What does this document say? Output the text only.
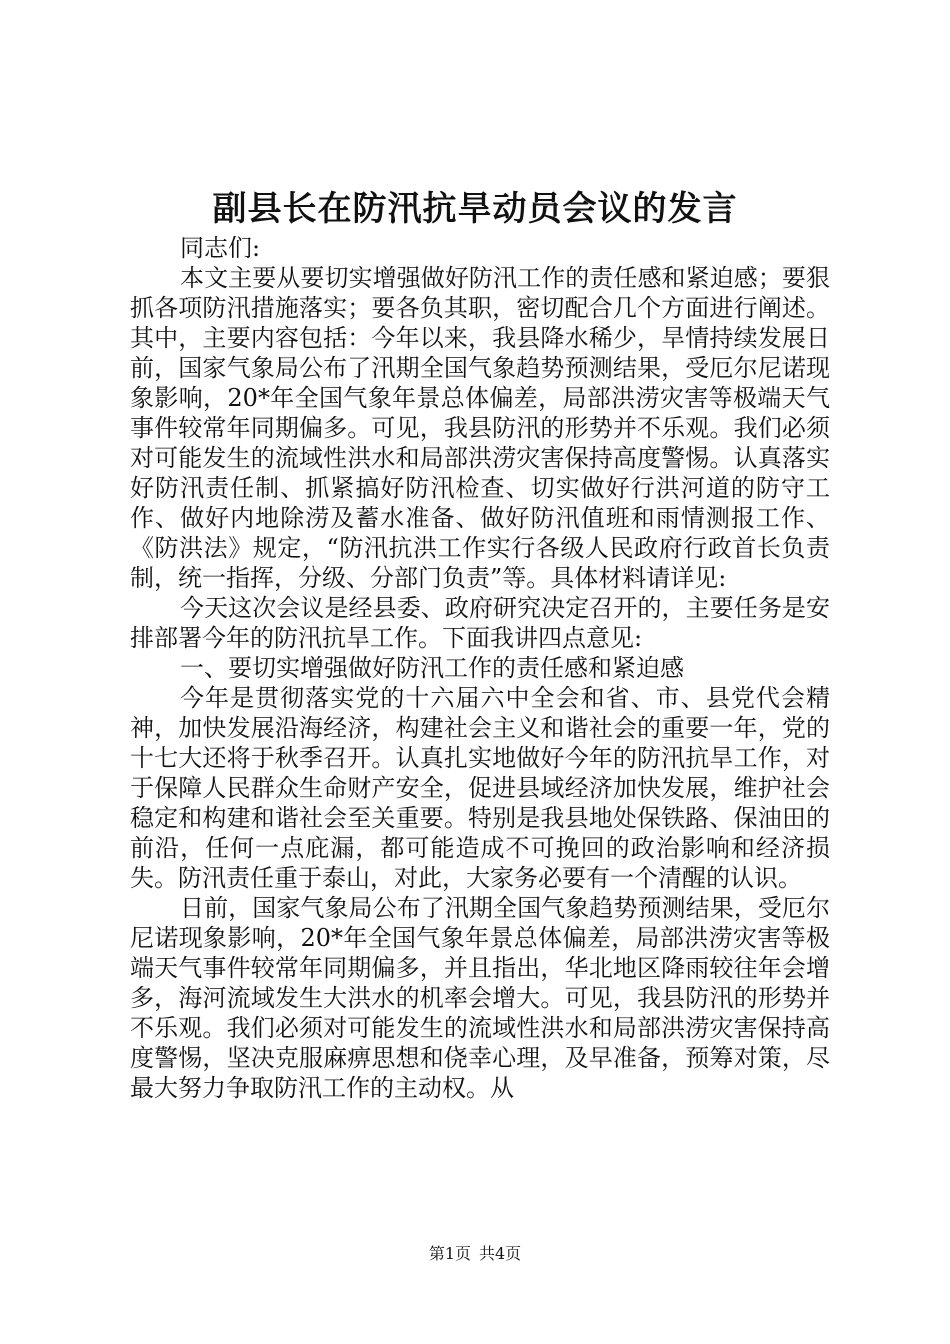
副县长在防汛抗旱动员会议的发言

同志们:

本文主要从要切实增强做好防汛工作的责任感和紧迫感；要狠抓各项防汛措施落实；要各负其职，密切配合几个方面进行阐述。其中，主要内容包括：今年以来，我县降水稀少，旱情持续发展日前，国家气象局公布了汛期全国气象趋势预测结果，受厄尔尼诺现象影响，20*年全国气象年景总体偏差，局部洪涝灾害等极端天气事件较常年同期偏多。可见，我县防汛的形势并不乐观。我们必须对可能发生的流域性洪水和局部洪涝灾害保持高度警惕。认真落实好防汛责任制、抓紧搞好防汛检查、切实做好行洪河道的防守工作、做好内地除涝及蓄水准备、做好防汛值班和雨情测报工作、《防洪法》规定，“防汛抗洪工作实行各级人民政府行政首长负责制，统一指挥，分级、分部门负责”等。具体材料请详见:

今天这次会议是经县委、政府研究决定召开的，主要任务是安排部署今年的防汛抗旱工作。下面我讲四点意见:

一、要切实增强做好防汛工作的责任感和紧迫感

今年是贯彻落实党的十六届六中全会和省、市、县党代会精神，加快发展沿海经济，构建社会主义和谐社会的重要一年，党的十七大还将于秋季召开。认真扎实地做好今年的防汛抗旱工作，对于保障人民群众生命财产安全，促进县域经济加快发展，维护社会稳定和构建和谐社会至关重要。特别是我县地处保铁路、保油田的前沿，任何一点庇漏，都可能造成不可挽回的政治影响和经济损失。防汛责任重于泰山，对此，大家务必要有一个清醒的认识。

日前，国家气象局公布了汛期全国气象趋势预测结果，受厄尔尼诺现象影响，20*年全国气象年景总体偏差，局部洪涝灾害等极端天气事件较常年同期偏多，并且指出，华北地区降雨较往年会增多，海河流域发生大洪水的机率会增大。可见，我县防汛的形势并不乐观。我们必须对可能发生的流域性洪水和局部洪涝灾害保持高度警惕，坚决克服麻痹思想和侥幸心理，及早准备，预筹对策，尽最大努力争取防汛工作的主动权。从

第1页 共4页
